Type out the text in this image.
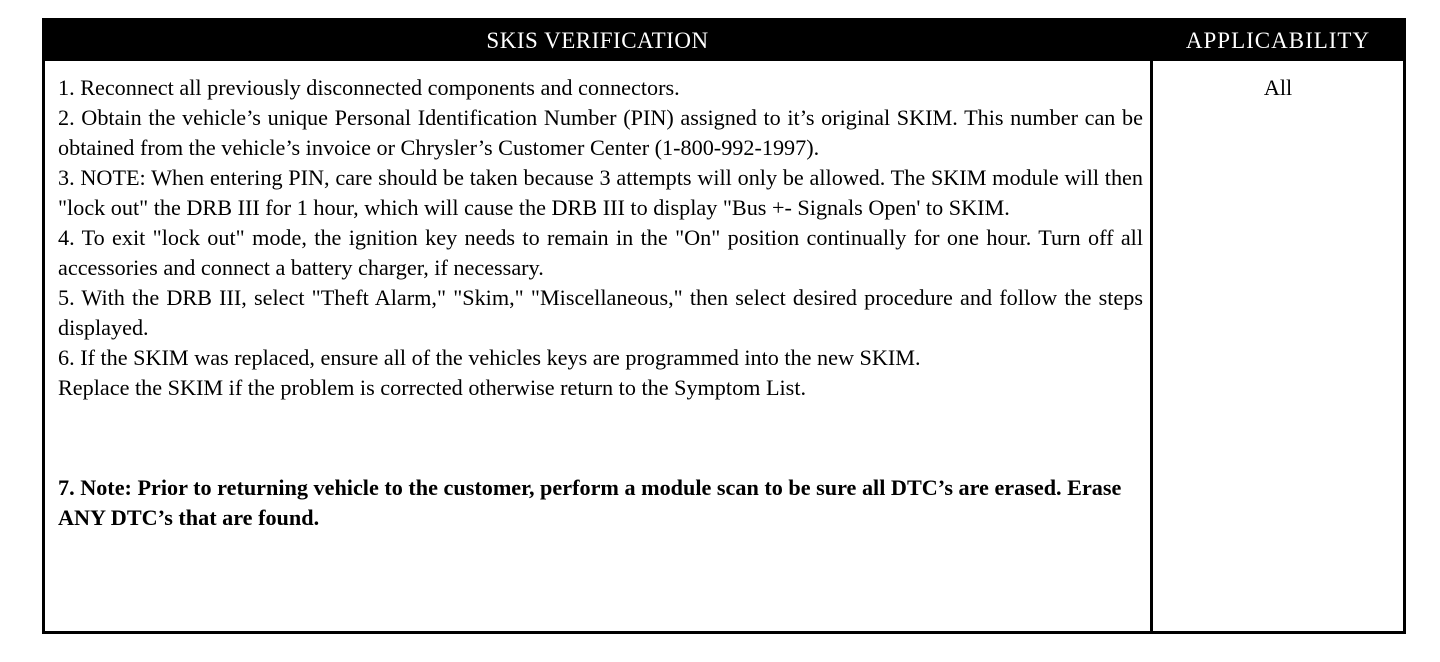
SKIS VERIFICATION	APPLICABILITY

1. Reconnect all previously disconnected components and connectors.

2. Obtain the vehicle’s unique Personal Identification Number (PIN) assigned to it’s original SKIM. This number can be obtained from the vehicle’s invoice or Chrysler’s Customer Center (1-800-992-1997).

3. NOTE: When entering PIN, care should be taken because 3 attempts will only be allowed. The SKIM module will then "lock out" the DRB III for 1 hour, which will cause the DRB III to display "Bus +- Signals Open' to SKIM.

4. To exit "lock out" mode, the ignition key needs to remain in the "On" position continually for one hour. Turn off all accessories and connect a battery charger, if necessary.

5. With the DRB III, select "Theft Alarm," "Skim," "Miscellaneous," then select desired procedure and follow the steps displayed.

6. If the SKIM was replaced, ensure all of the vehicles keys are programmed into the new SKIM.

Replace the SKIM if the problem is corrected otherwise return to the Symptom List.

7. Note: Prior to returning vehicle to the customer, perform a module scan to be sure all DTC’s are erased. Erase ANY DTC’s that are found.

All
